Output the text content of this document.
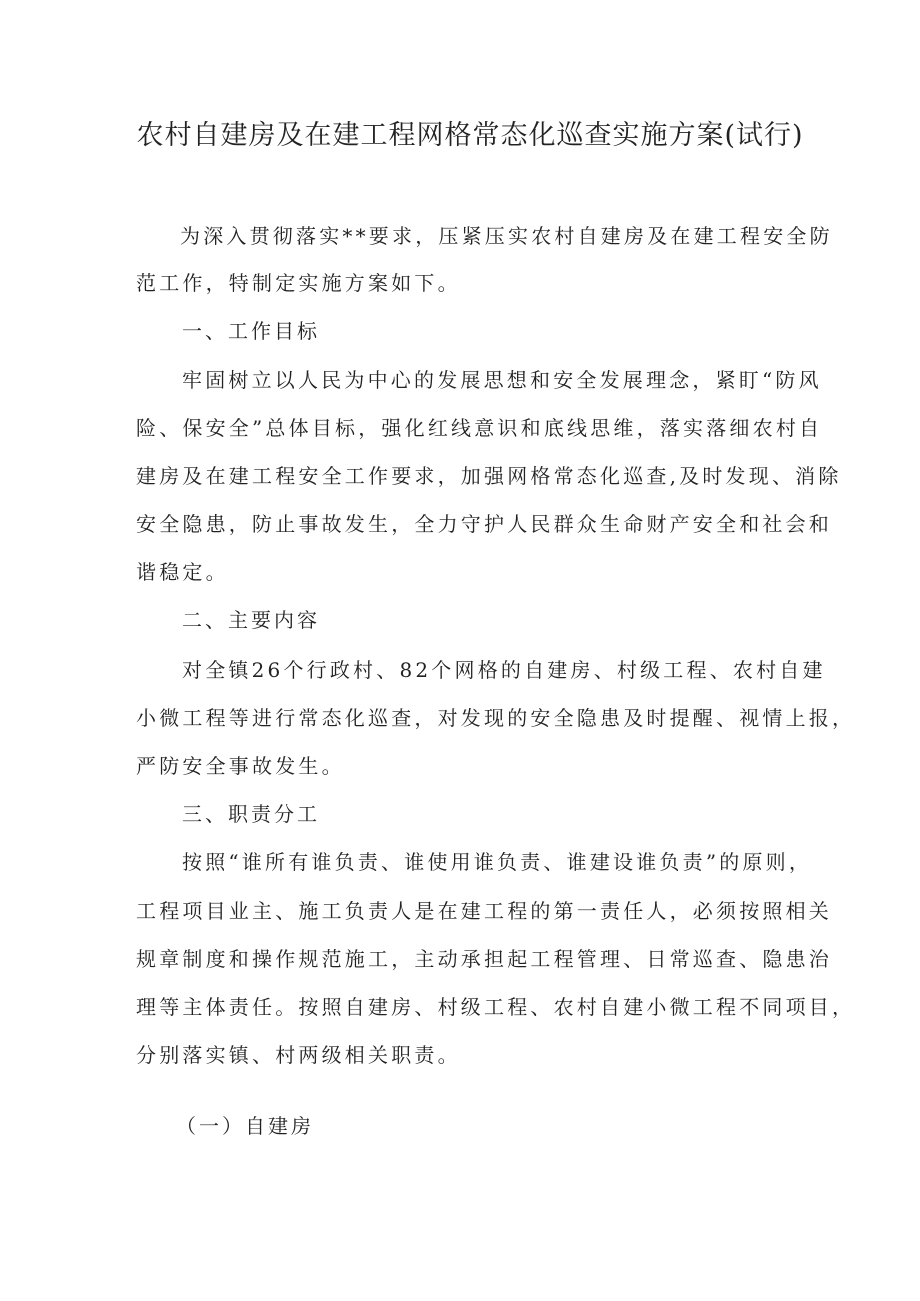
农村自建房及在建工程网格常态化巡查实施方案(试行)
为深入贯彻落实**要求，压紧压实农村自建房及在建工程安全防
范工作，特制定实施方案如下。
一、工作目标
牢固树立以人民为中心的发展思想和安全发展理念，紧盯“防风
险、保安全”总体目标，强化红线意识和底线思维，落实落细农村自
建房及在建工程安全工作要求，加强网格常态化巡查,及时发现、消除
安全隐患，防止事故发生，全力守护人民群众生命财产安全和社会和
谐稳定。
二、主要内容
对全镇26个行政村、82个网格的自建房、村级工程、农村自建
小微工程等进行常态化巡查，对发现的安全隐患及时提醒、视情上报，
严防安全事故发生。
三、职责分工
按照“谁所有谁负责、谁使用谁负责、谁建设谁负责”的原则，
工程项目业主、施工负责人是在建工程的第一责任人，必须按照相关
规章制度和操作规范施工，主动承担起工程管理、日常巡查、隐患治
理等主体责任。按照自建房、村级工程、农村自建小微工程不同项目，
分别落实镇、村两级相关职责。
（一）自建房
